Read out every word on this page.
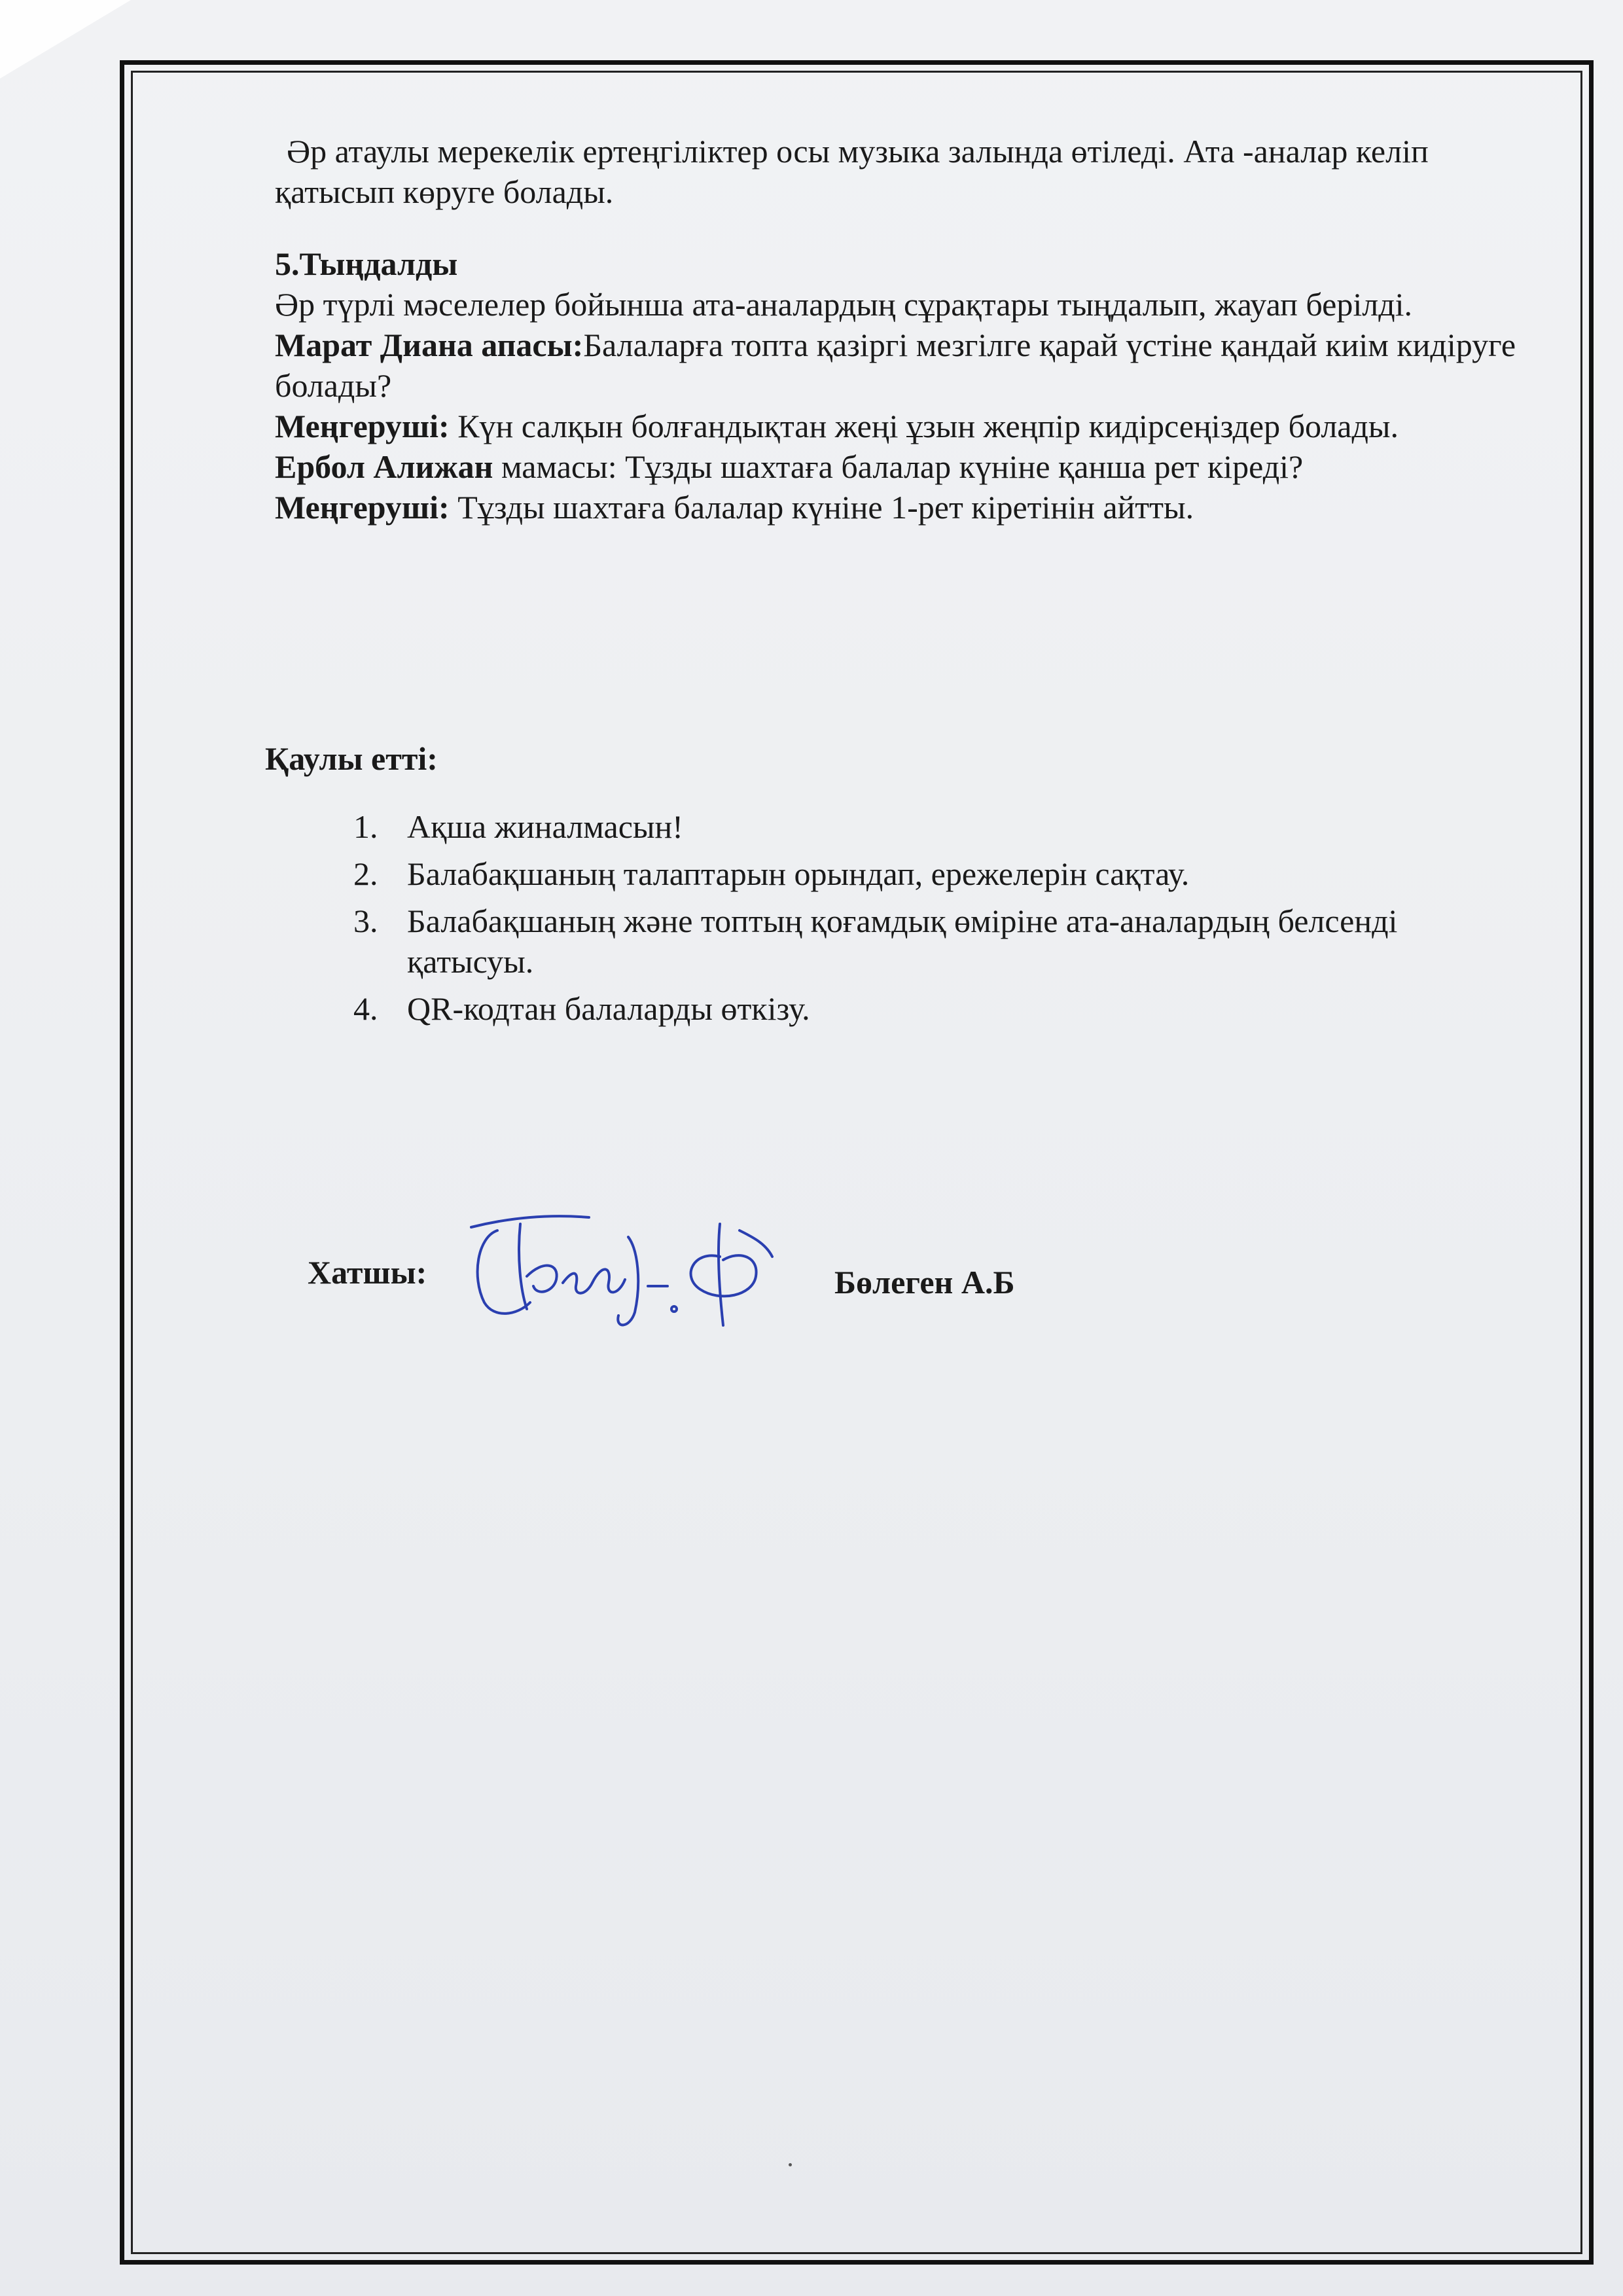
Әр атаулы мерекелік ертеңгіліктер осы музыка залында өтіледі. Ата -аналар келіп қатысып көруге болады.

5.Тыңдалды

Әр түрлі мәселелер бойынша ата-аналардың сұрақтары тыңдалып, жауап берілді.

Марат Диана апасы:Балаларға топта қазіргі мезгілге қарай үстіне қандай киім кидіруге болады?

Меңгеруші: Күн салқын болғандықтан жеңі ұзын жеңпір кидірсеңіздер болады.

Ербол Алижан мамасы: Тұзды шахтаға балалар күніне қанша рет кіреді?

Меңгеруші: Тұзды шахтаға балалар күніне 1-рет кіретінін айтты.

Қаулы етті:
1. Ақша жиналмасын!
2. Балабақшаның талаптарын орындап, ережелерін сақтау.
3. Балабақшаның және топтың қоғамдық өміріне ата-аналардың белсенді қатысуы.
4. QR-кодтан балаларды өткізу.
Хатшы:	Бөлеген А.Б
